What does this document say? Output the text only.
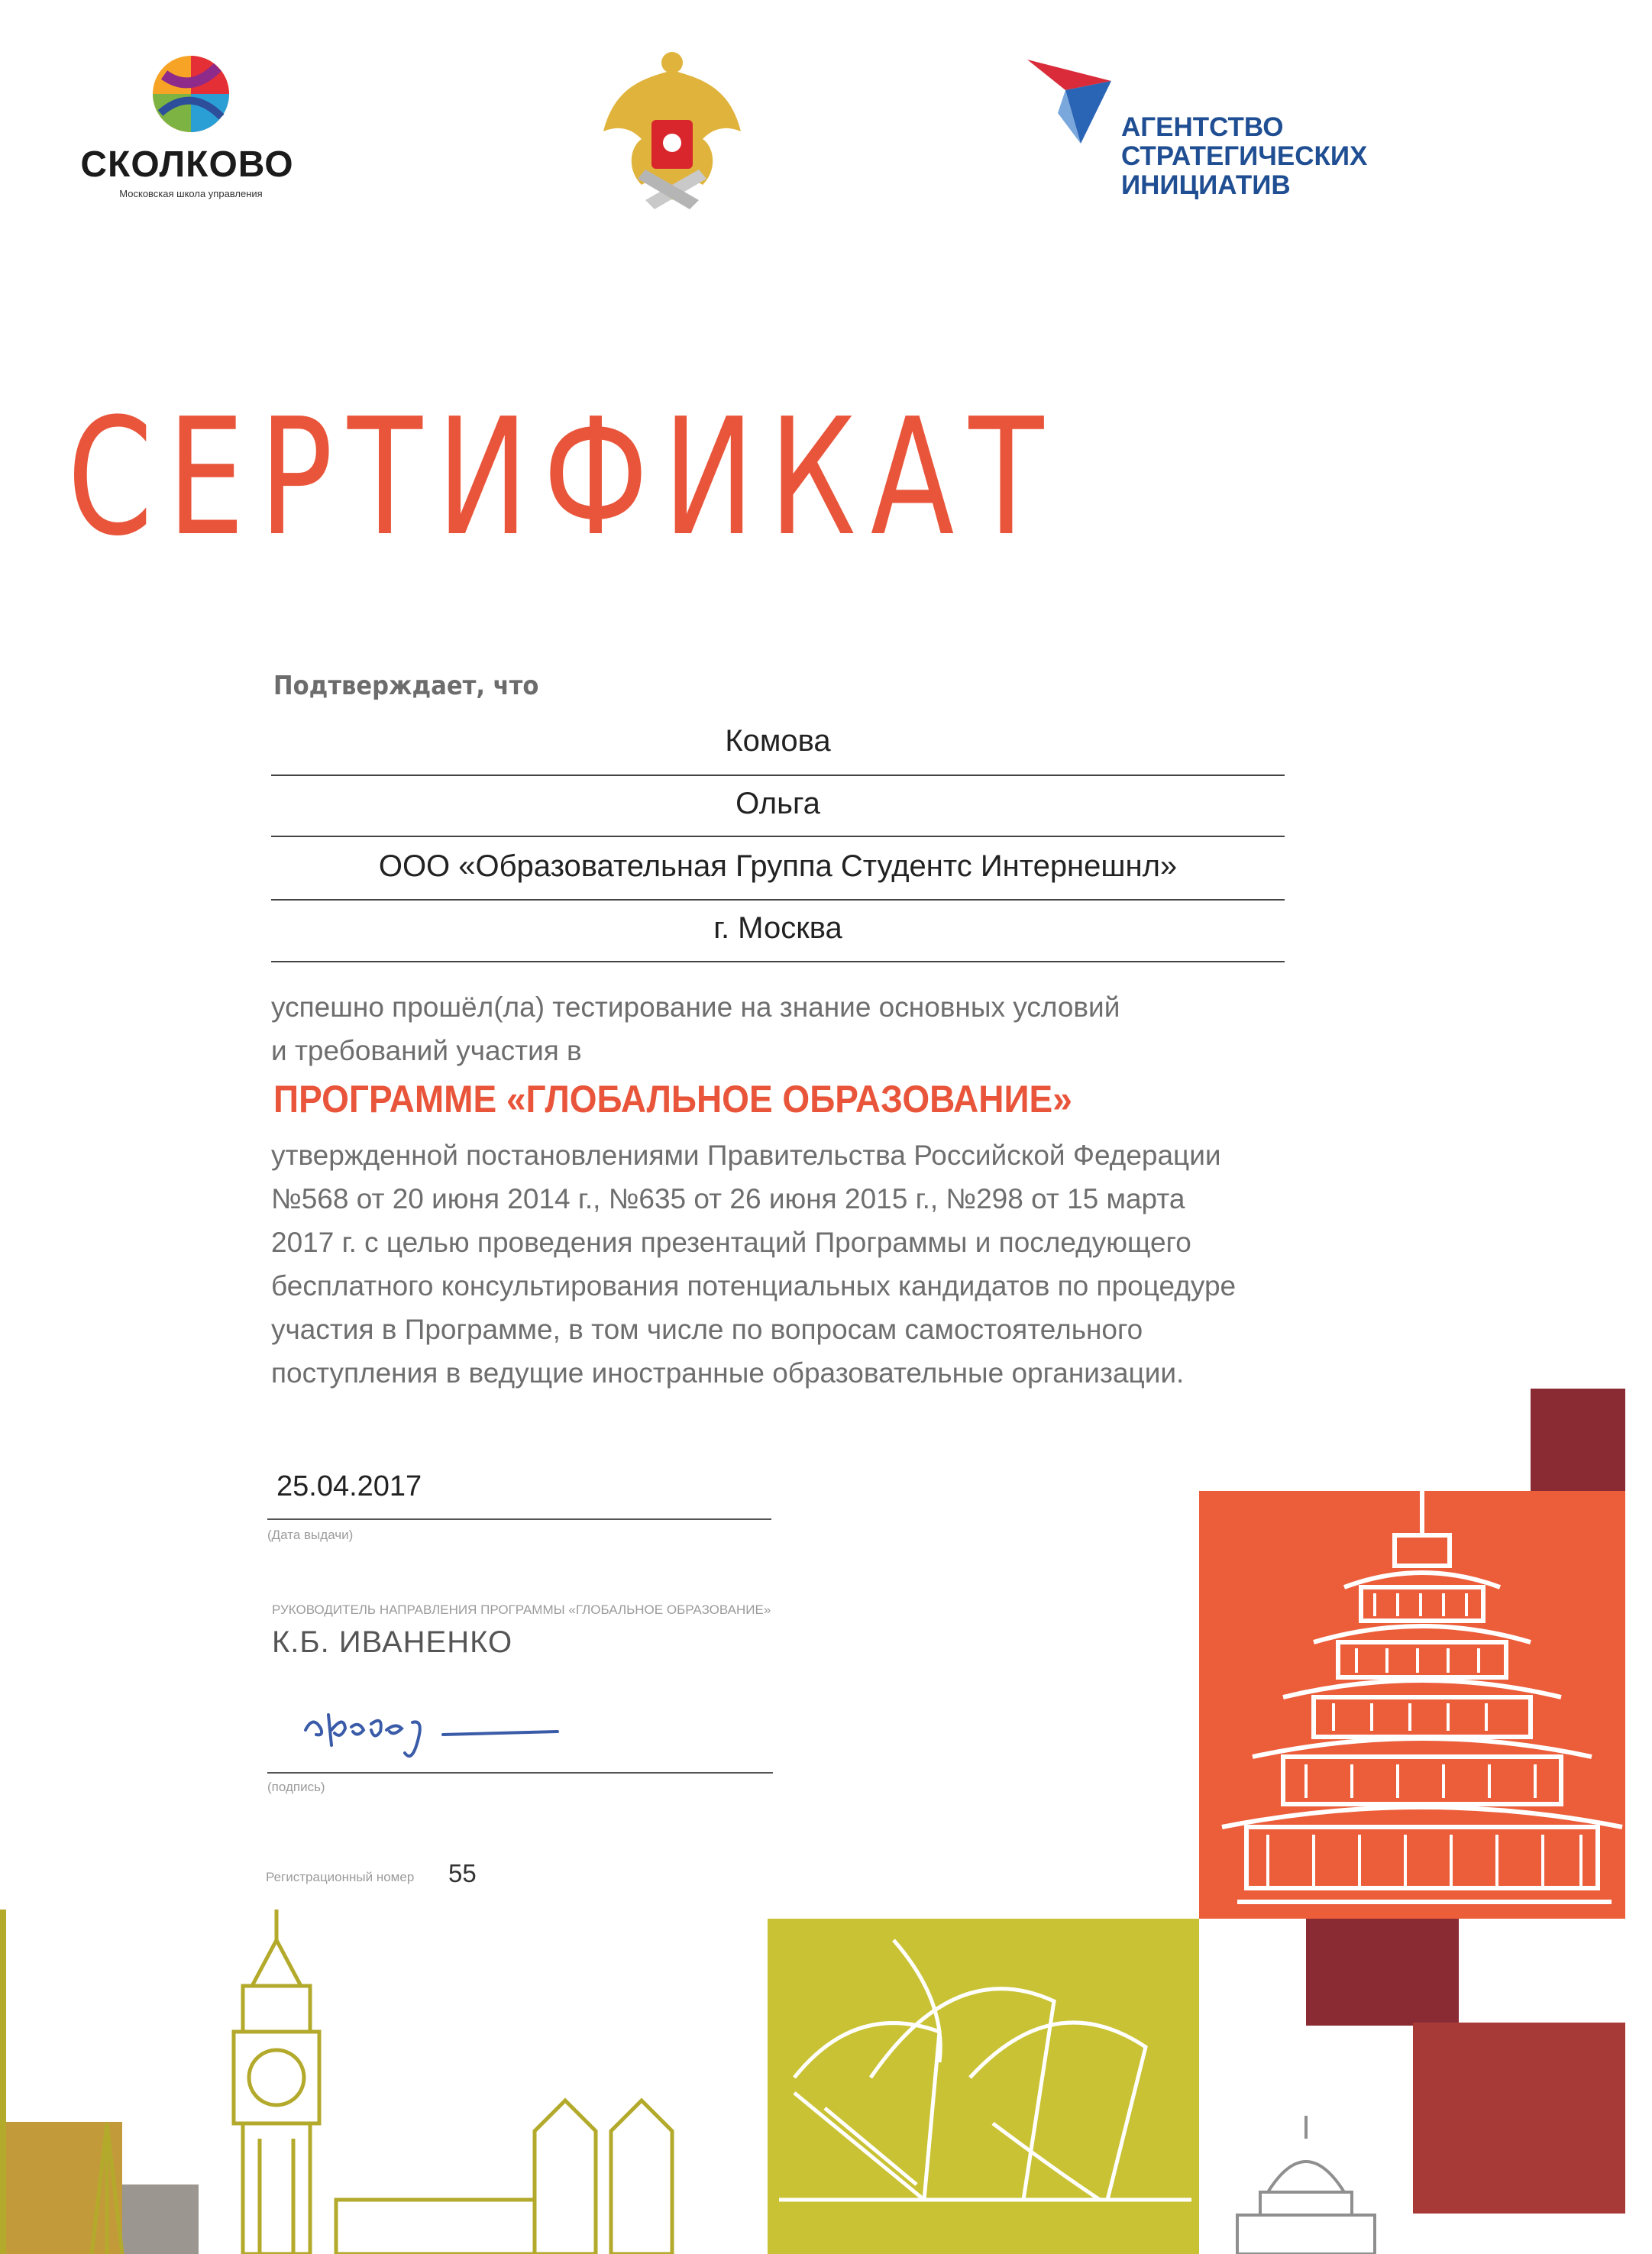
СКОЛКОВО
Московская школа управления
АГЕНТСТВО
СТРАТЕГИЧЕСКИХ
ИНИЦИАТИВ
СЕРТИФИКАТ
Подтверждает, что
Комова
Ольга
ООО «Образовательная Группа Студентс Интернешнл»
г. Москва
успешно прошёл(ла) тестирование на знание основных условий
и требований участия в
ПРОГРАММЕ «ГЛОБАЛЬНОЕ ОБРАЗОВАНИЕ»
утвержденной постановлениями Правительства Российской Федерации
№568 от 20 июня 2014 г., №635 от 26 июня 2015 г., №298 от 15 марта
2017 г. с целью проведения презентаций Программы и последующего
бесплатного консультирования потенциальных кандидатов по процедуре
участия в Программе, в том числе по вопросам самостоятельного
поступления в ведущие иностранные образовательные организации.
25.04.2017
(Дата выдачи)
РУКОВОДИТЕЛЬ НАПРАВЛЕНИЯ ПРОГРАММЫ «ГЛОБАЛЬНОЕ ОБРАЗОВАНИЕ»
К.Б. ИВАНЕНКО
(подпись)
Регистрационный номер 55
